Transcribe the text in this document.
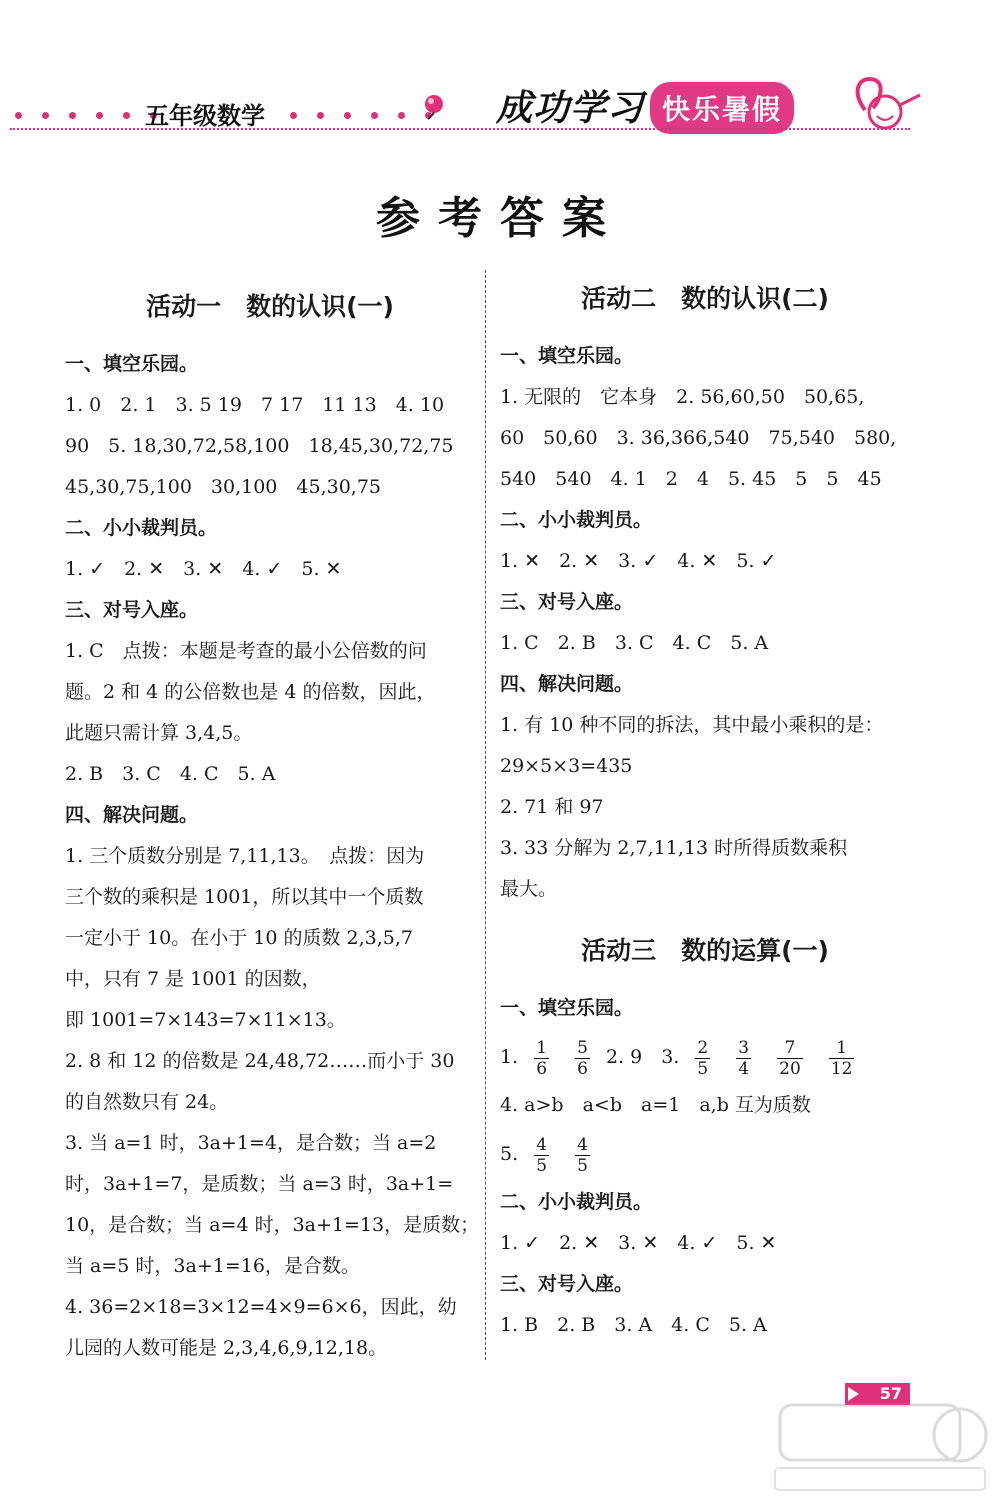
五年级数学	成功学习 快乐暑假
参考答案
活动一　数的认识(一)
一、填空乐园。
1. 0　2. 1　3. 5 19　7 17　11 13　4. 10
90　5. 18,30,72,58,100　18,45,30,72,75
45,30,75,100　30,100　45,30,75
二、小小裁判员。
1. ✓　2. ✕　3. ✕　4. ✓　5. ✕
三、对号入座。
1. C　点拨：本题是考查的最小公倍数的问
题。2 和 4 的公倍数也是 4 的倍数，因此，
此题只需计算 3,4,5。
2. B　3. C　4. C　5. A
四、解决问题。
1. 三个质数分别是 7,11,13。　点拨：因为
三个数的乘积是 1001，所以其中一个质数
一定小于 10。在小于 10 的质数 2,3,5,7
中，只有 7 是 1001 的因数，
即 1001=7×143=7×11×13。
2. 8 和 12 的倍数是 24,48,72……而小于 30
的自然数只有 24。
3. 当 a=1 时，3a+1=4，是合数；当 a=2
时，3a+1=7，是质数；当 a=3 时，3a+1=
10，是合数；当 a=4 时，3a+1=13，是质数；
当 a=5 时，3a+1=16，是合数。
4. 36=2×18=3×12=4×9=6×6，因此，幼
儿园的人数可能是 2,3,4,6,9,12,18。
活动二　数的认识(二)
一、填空乐园。
1. 无限的　它本身　2. 56,60,50　50,65,
60　50,60　3. 36,366,540　75,540　580,
540　540　4. 1　2　4　5. 45　5　5　45
二、小小裁判员。
1. ✕　2. ✕　3. ✓　4. ✕　5. ✓
三、对号入座。
1. C　2. B　3. C　4. C　5. A
四、解决问题。
1. 有 10 种不同的拆法，其中最小乘积的是：
29×5×3=435
2. 71 和 97
3. 33 分解为 2,7,11,13 时所得质数乘积
最大。
活动三　数的运算(一)
一、填空乐园。
1. $\frac{1}{6}$
$\frac{5}{6} 2$. 9　3. $\frac{2}{5}$
$\frac{3}{4}$
$\frac{7}{20}$
$\frac{1}{12}$
4. a>b　a<b　a=1　a,b 互为质数
5. $\frac{4}{5}$
$\frac{4}{5}$
二、小小裁判员。
1. ✓　2. ✕　3. ✕　4. ✓　5. ✕
三、对号入座。
1. B　2. B　3. A　4. C　5. A
57
